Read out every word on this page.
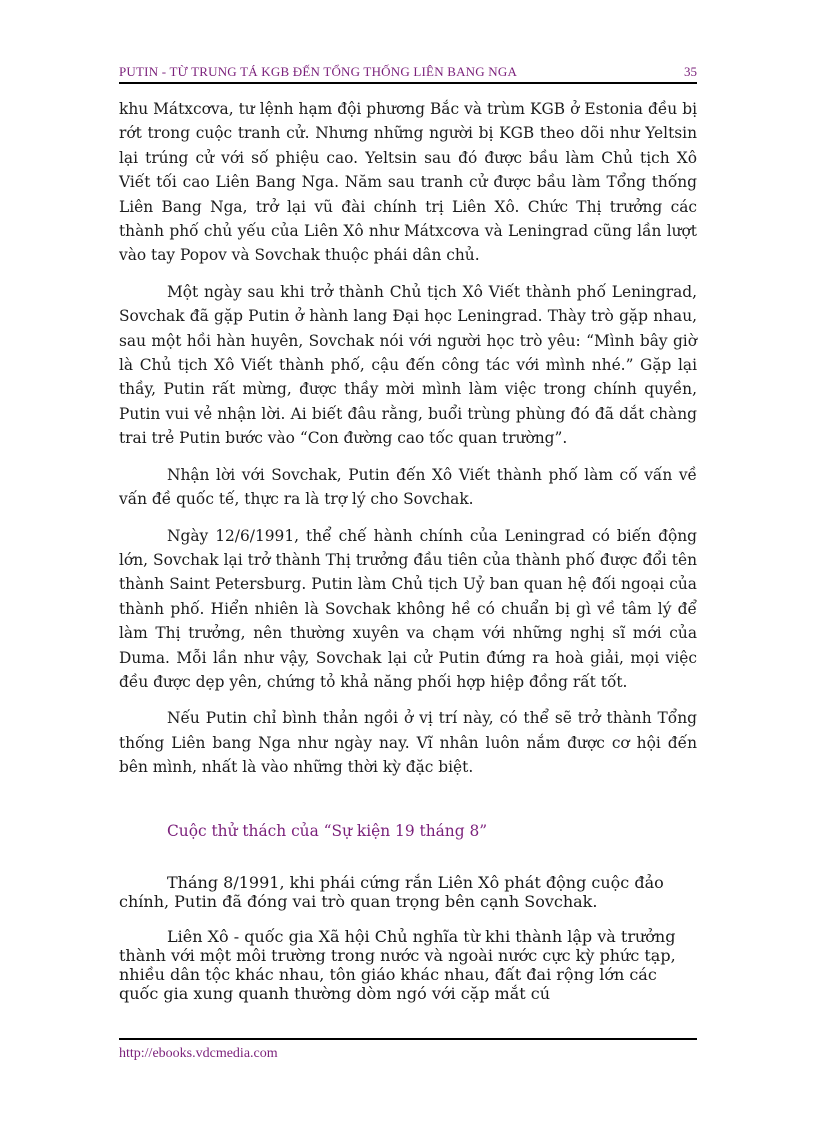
PUTIN - TỪ TRUNG TÁ KGB ĐẾN TỔNG THỐNG LIÊN BANG NGA	35

khu Mátxcơva, tư lệnh hạm đội phương Bắc và trùm KGB ở Estonia đều bị rớt trong cuộc tranh cử. Nhưng những người bị KGB theo dõi như Yeltsin lại trúng cử với số phiệu cao. Yeltsin sau đó được bầu làm Chủ tịch Xô Viết tối cao Liên Bang Nga. Năm sau tranh cử được bầu làm Tổng thống Liên Bang Nga, trở lại vũ đài chính trị Liên Xô. Chức Thị trưởng các thành phố chủ yếu của Liên Xô như Mátxcơva và Leningrad cũng lần lượt vào tay Popov và Sovchak thuộc phái dân chủ.

Một ngày sau khi trở thành Chủ tịch Xô Viết thành phố Leningrad, Sovchak đã gặp Putin ở hành lang Đại học Leningrad. Thày trò gặp nhau, sau một hồi hàn huyên, Sovchak nói với người học trò yêu: “Mình bây giờ là Chủ tịch Xô Viết thành phố, cậu đến công tác với mình nhé.” Gặp lại thầy, Putin rất mừng, được thầy mời mình làm việc trong chính quyền, Putin vui vẻ nhận lời. Ai biết đâu rằng, buổi trùng phùng đó đã dắt chàng trai trẻ Putin bước vào “Con đường cao tốc quan trường”.

Nhận lời với Sovchak, Putin đến Xô Viết thành phố làm cố vấn về vấn đề quốc tế, thực ra là trợ lý cho Sovchak.

Ngày 12/6/1991, thể chế hành chính của Leningrad có biến động lớn, Sovchak lại trở thành Thị trưởng đầu tiên của thành phố được đổi tên thành Saint Petersburg. Putin làm Chủ tịch Uỷ ban quan hệ đối ngoại của thành phố. Hiển nhiên là Sovchak không hề có chuẩn bị gì về tâm lý để làm Thị trưởng, nên thường xuyên va chạm với những nghị sĩ mới của Duma. Mỗi lần như vậy, Sovchak lại cử Putin đứng ra hoà giải, mọi việc đều được dẹp yên, chứng tỏ khả năng phối hợp hiệp đồng rất tốt.

Nếu Putin chỉ bình thản ngồi ở vị trí này, có thể sẽ trở thành Tổng thống Liên bang Nga như ngày nay. Vĩ nhân luôn nắm được cơ hội đến bên mình, nhất là vào những thời kỳ đặc biệt.

Cuộc thử thách của “Sự kiện 19 tháng 8”

Tháng 8/1991, khi phái cứng rắn Liên Xô phát động cuộc đảo chính, Putin đã đóng vai trò quan trọng bên cạnh Sovchak.

Liên Xô - quốc gia Xã hội Chủ nghĩa từ khi thành lập và trưởng thành với một môi trường trong nước và ngoài nước cực kỳ phức tạp, nhiều dân tộc khác nhau, tôn giáo khác nhau, đất đai rộng lớn các quốc gia xung quanh thường dòm ngó với cặp mắt cú

http://ebooks.vdcmedia.com
